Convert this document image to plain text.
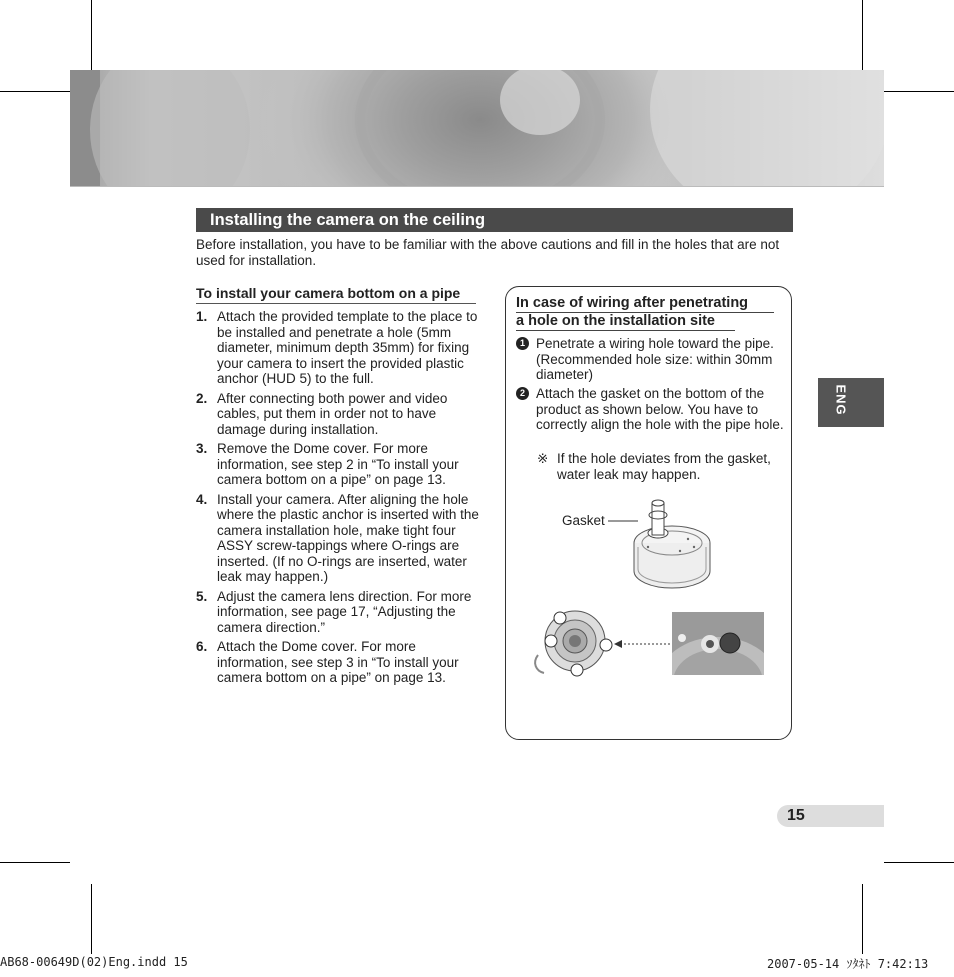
Installing the camera on the ceiling
Before installation, you have to be familiar with the above cautions and fill in the holes that are not used for installation.
To install your camera bottom on a pipe
1. Attach the provided template to the place to be installed and penetrate a hole (5mm diameter, minimum depth 35mm) for fixing your camera to insert the provided plastic anchor (HUD 5) to the full.
2. After connecting both power and video cables, put them in order not to have damage during installation.
3. Remove the Dome cover. For more information, see step 2 in “To install your camera bottom on a pipe” on page 13.
4. Install your camera. After aligning the hole where the plastic anchor is inserted with the camera installation hole, make tight four ASSY screw-tappings where O-rings are inserted. (If no O-rings are inserted, water leak may happen.)
5. Adjust the camera lens direction. For more information, see page 17, “Adjusting the camera direction.”
6. Attach the Dome cover. For more information, see step 3 in “To install your camera bottom on a pipe” on page 13.
In case of wiring after penetrating
a hole on the installation site
1 Penetrate a wiring hole toward the pipe. (Recommended hole size: within 30mm diameter)
2 Attach the gasket on the bottom of the product as shown below. You have to correctly align the hole with the pipe hole.
※ If the hole deviates from the gasket, water leak may happen.
Gasket
ENG
15
AB68-00649D(02)Eng.indd 15	2007-05-14 ｿﾀﾈﾄ 7:42:13
